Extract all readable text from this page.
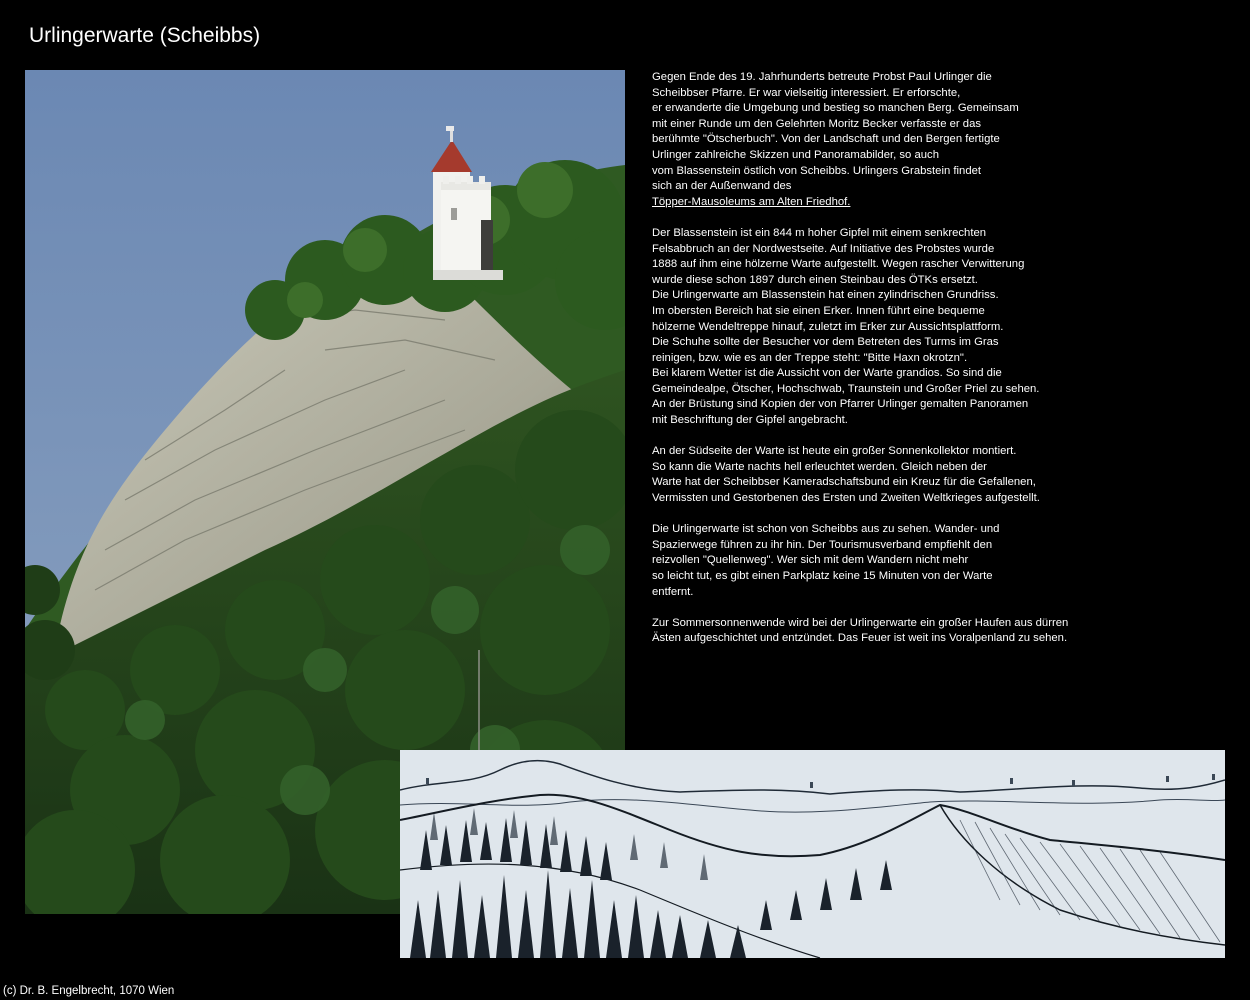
Urlingerwarte (Scheibbs)

Gegen Ende des 19. Jahrhunderts betreute Probst Paul Urlinger die
Scheibbser Pfarre. Er war vielseitig interessiert. Er erforschte,
er erwanderte die Umgebung und bestieg so manchen Berg. Gemeinsam
mit einer Runde um den Gelehrten Moritz Becker verfasste er das
berühmte "Ötscherbuch". Von der Landschaft und den Bergen fertigte
Urlinger zahlreiche Skizzen und Panoramabilder, so auch
vom Blassenstein östlich von Scheibbs. Urlingers Grabstein findet
sich an der Außenwand des
Töpper-Mausoleums am Alten Friedhof.

Der Blassenstein ist ein 844 m hoher Gipfel mit einem senkrechten
Felsabbruch an der Nordwestseite. Auf Initiative des Probstes wurde
1888 auf ihm eine hölzerne Warte aufgestellt. Wegen rascher Verwitterung
wurde diese schon 1897 durch einen Steinbau des ÖTKs ersetzt.
Die Urlingerwarte am Blassenstein hat einen zylindrischen Grundriss.
Im obersten Bereich hat sie einen Erker. Innen führt eine bequeme
hölzerne Wendeltreppe hinauf, zuletzt im Erker zur Aussichtsplattform.
Die Schuhe sollte der Besucher vor dem Betreten des Turms im Gras
reinigen, bzw. wie es an der Treppe steht: "Bitte Haxn okrotzn".
Bei klarem Wetter ist die Aussicht von der Warte grandios. So sind die
Gemeindealpe, Ötscher, Hochschwab, Traunstein und Großer Priel zu sehen.
An der Brüstung sind Kopien der von Pfarrer Urlinger gemalten Panoramen
mit Beschriftung der Gipfel angebracht.

An der Südseite der Warte ist heute ein großer Sonnenkollektor montiert.
So kann die Warte nachts hell erleuchtet werden. Gleich neben der
Warte hat der Scheibbser Kameradschaftsbund ein Kreuz für die Gefallenen,
Vermissten und Gestorbenen des Ersten und Zweiten Weltkrieges aufgestellt.

Die Urlingerwarte ist schon von Scheibbs aus zu sehen. Wander- und
Spazierwege führen zu ihr hin. Der Tourismusverband empfiehlt den
reizvollen "Quellenweg". Wer sich mit dem Wandern nicht mehr
so leicht tut, es gibt einen Parkplatz keine 15 Minuten von der Warte
entfernt.

Zur Sommersonnenwende wird bei der Urlingerwarte ein großer Haufen aus dürren
Ästen aufgeschichtet und entzündet. Das Feuer ist weit ins Voralpenland zu sehen.

(c) Dr. B. Engelbrecht, 1070 Wien
